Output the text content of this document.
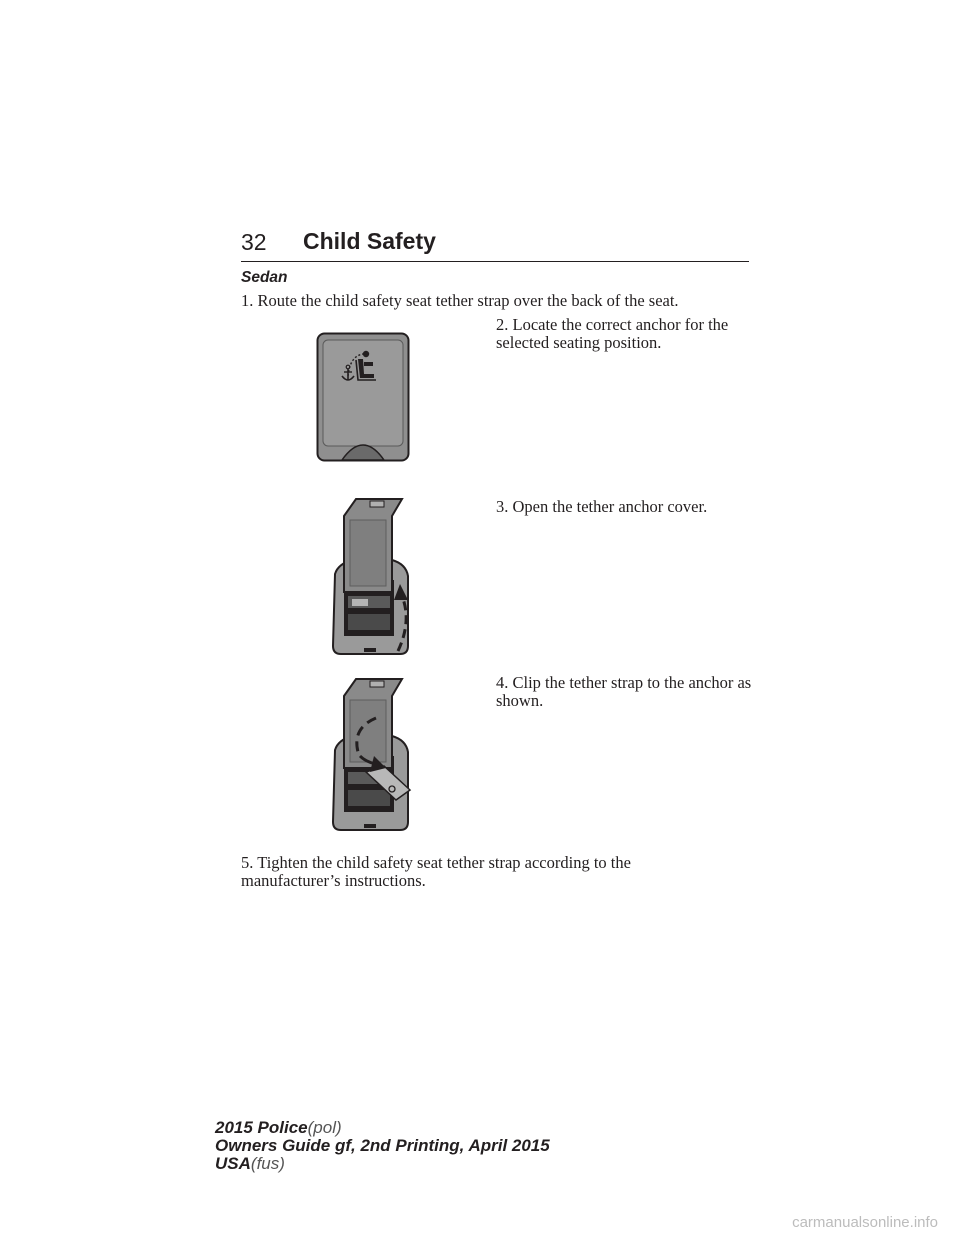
32 Child Safety
Sedan

1. Route the child safety seat tether strap over the back of the seat.

2. Locate the correct anchor for the selected seating position.

3. Open the tether anchor cover.

4. Clip the tether strap to the anchor as shown.

5. Tighten the child safety seat tether strap according to the manufacturer’s instructions.

2015 Police(pol)
Owners Guide gf, 2nd Printing, April 2015
USA(fus)
carmanualsonline.info
